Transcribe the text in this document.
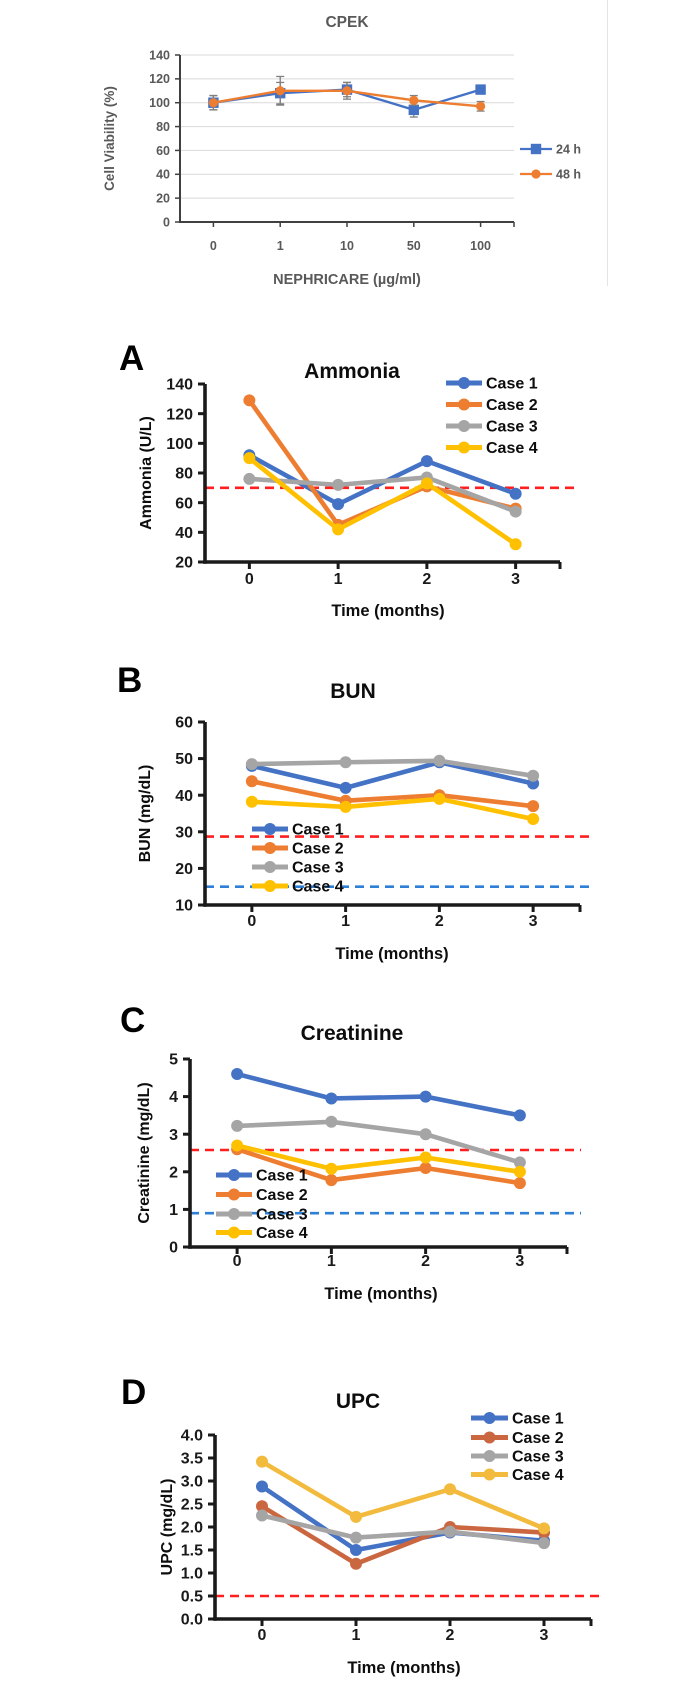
A
B
C
D
0
20
40
60
80
100
120
140
0	1	10	50	100
CPEK
NEPHRICARE (µg/ml)
Cell Viability (%)	24 h
48 h
20
40
60
80
100
120
140
0	1	2	3
Ammonia
Time (months)
Ammonia (U/L)
Case 1
Case 2
Case 3
Case 4
10
20
30
40
50
60
0	1	2	3
BUN
Time (months)
BUN (mg/dL)	Case 1
Case 2
Case 3
Case 4
0
1
2
3
4
5
0	1	2	3
Creatinine
Time (months)
Creatinine (mg/dL)	Case 1
Case 2
Case 3
Case 4
0.0
0.5
1.0
1.5
2.0
2.5
3.0
3.5
4.0
0	1	2	3
UPC
Time (months)
UPC (mg/dL)
Case 1
Case 2
Case 3
Case 4
